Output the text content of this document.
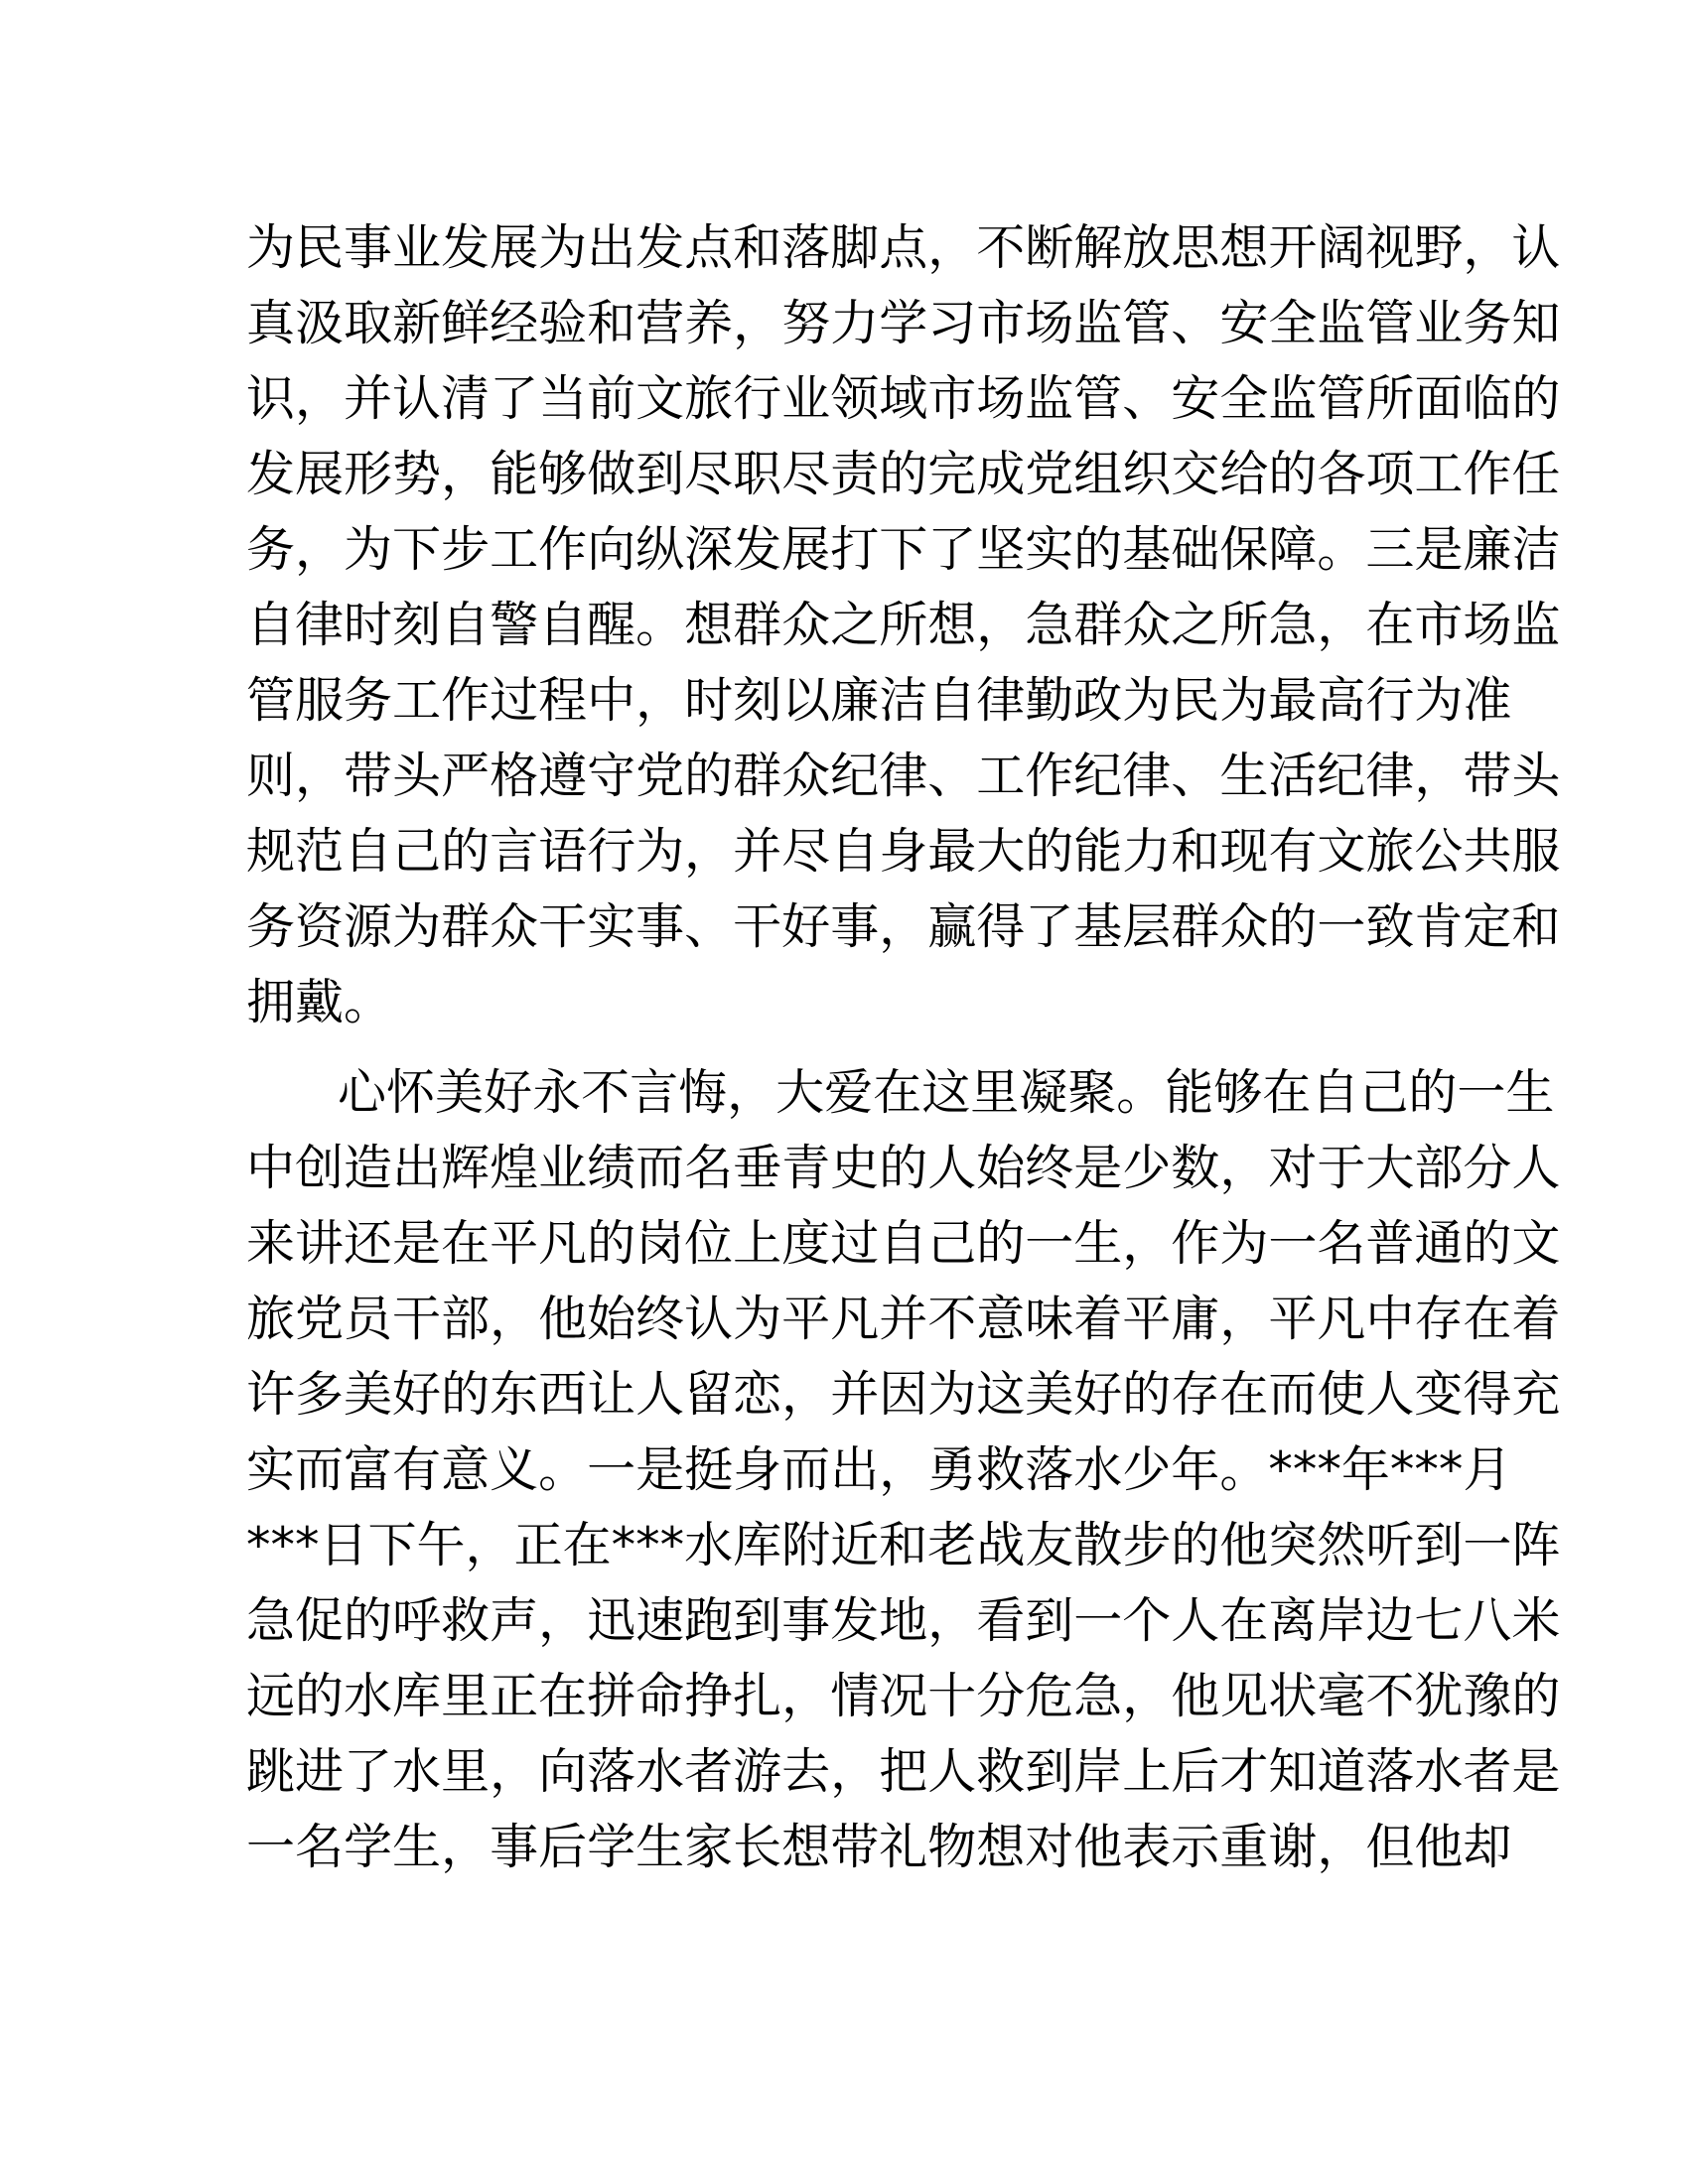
为 民 事 业 发 展 为 出 发 点 和 落 脚 点 ， 不 断 解 放 思 想 开 阔 视 野 ， 认
真 汲 取 新 鲜 经 验 和 营 养 ， 努 力 学 习 市 场 监 管 、 安 全 监 管 业 务 知
识 ， 并 认 清 了 当 前 文 旅 行 业 领 域 市 场 监 管 、 安 全 监 管 所 面 临 的
发 展 形 势 ， 能 够 做 到 尽 职 尽 责 的 完 成 党 组 织 交 给 的 各 项 工 作 任
务 ， 为 下 步 工 作 向 纵 深 发 展 打 下 了 坚 实 的 基 础 保 障 。 三 是 廉 洁
自 律 时 刻 自 警 自 醒 。 想 群 众 之 所 想 ， 急 群 众 之 所 急 ， 在 市 场 监
管 服 务 工 作 过 程 中 ， 时 刻 以 廉 洁 自 律 勤 政 为 民 为 最 高 行 为 准
则 ， 带 头 严 格 遵 守 党 的 群 众 纪 律 、 工 作 纪 律 、 生 活 纪 律 ， 带 头
规 范 自 己 的 言 语 行 为 ， 并 尽 自 身 最 大 的 能 力 和 现 有 文 旅 公 共 服
务 资 源 为 群 众 干 实 事 、 干 好 事 ， 赢 得 了 基 层 群 众 的 一 致 肯 定 和
拥戴。
心 怀 美 好 永 不 言 悔 ， 大 爱 在 这 里 凝 聚 。 能 够 在 自 己 的 一 生
中 创 造 出 辉 煌 业 绩 而 名 垂 青 史 的 人 始 终 是 少 数 ， 对 于 大 部 分 人
来 讲 还 是 在 平 凡 的 岗 位 上 度 过 自 己 的 一 生 ， 作 为 一 名 普 通 的 文
旅 党 员 干 部 ， 他 始 终 认 为 平 凡 并 不 意 味 着 平 庸 ， 平 凡 中 存 在 着
许 多 美 好 的 东 西 让 人 留 恋 ， 并 因 为 这 美 好 的 存 在 而 使 人 变 得 充
实 而 富 有 意 义 。 一 是 挺 身 而 出 ， 勇 救 落 水 少 年 。 * * * 年 * * * 月
* * * 日 下 午 ， 正 在 * * * 水 库 附 近 和 老 战 友 散 步 的 他 突 然 听 到 一 阵
急 促 的 呼 救 声 ， 迅 速 跑 到 事 发 地 ， 看 到 一 个 人 在 离 岸 边 七 八 米
远 的 水 库 里 正 在 拼 命 挣 扎 ， 情 况 十 分 危 急 ， 他 见 状 毫 不 犹 豫 的
跳 进 了 水 里 ， 向 落 水 者 游 去 ， 把 人 救 到 岸 上 后 才 知 道 落 水 者 是
一 名 学 生 ， 事 后 学 生 家 长 想 带 礼 物 想 对 他 表 示 重 谢 ， 但 他 却
